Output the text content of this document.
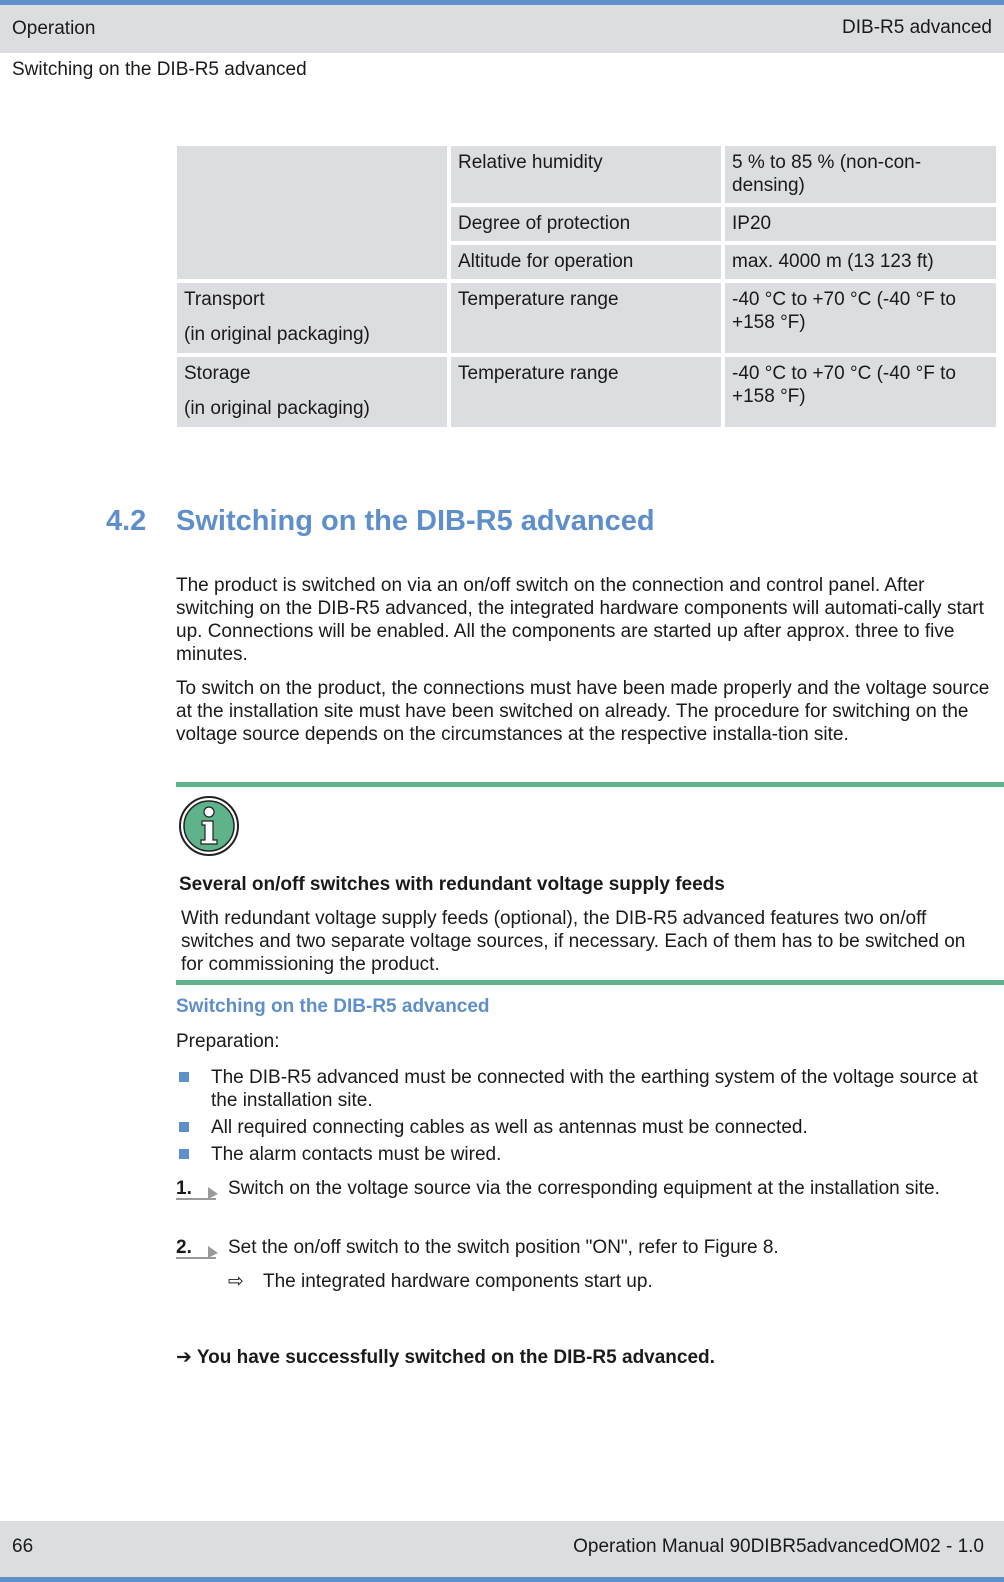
Operation	DIB-R5 advanced
Switching on the DIB-R5 advanced
	Relative humidity	5 % to 85 % (non-con-
densing)
	Degree of protection	IP20
	Altitude for operation	max. 4000 m (13 123 ft)
Transport
(in original packaging)	Temperature range	-40 °C to +70 °C (-40 °F to
+158 °F)
Storage
(in original packaging)	Temperature range	-40 °C to +70 °C (-40 °F to
+158 °F)
4.2 Switching on the DIB-R5 advanced

The product is switched on via an on/off switch on the connection and control panel. After switching on the DIB-R5 advanced, the integrated hardware components will automati-cally start up. Connections will be enabled. All the components are started up after approx. three to five minutes.

To switch on the product, the connections must have been made properly and the voltage source at the installation site must have been switched on already. The procedure for switching on the voltage source depends on the circumstances at the respective installa-tion site.

Several on/off switches with redundant voltage supply feeds
With redundant voltage supply feeds (optional), the DIB-R5 advanced features two on/off switches and two separate voltage sources, if necessary. Each of them has to be switched on for commissioning the product.
Switching on the DIB-R5 advanced
Preparation:
The DIB-R5 advanced must be connected with the earthing system of the voltage source at the installation site.
All required connecting cables as well as antennas must be connected.
The alarm contacts must be wired.
1. Switch on the voltage source via the corresponding equipment at the installation site.
2. Set the on/off switch to the switch position "ON", refer to Figure 8.
⇨ The integrated hardware components start up.
➔ You have successfully switched on the DIB-R5 advanced.
66	Operation Manual 90DIBR5advancedOM02 - 1.0
